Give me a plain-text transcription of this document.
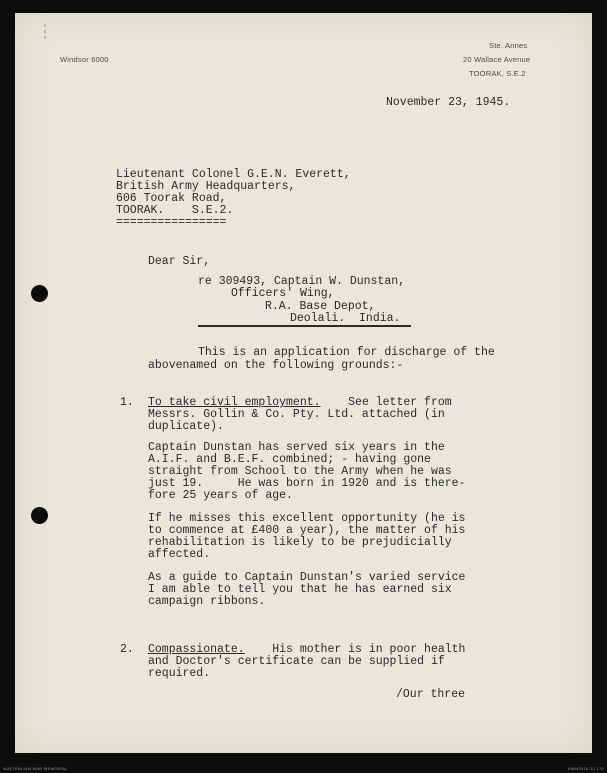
Windsor 6000
Ste. Annes
20 Wallace Avenue
TOORAK, S.E.2
November 23, 1945.
Lieutenant Colonel G.E.N. Everett,
British Army Headquarters,
606 Toorak Road,
TOORAK.    S.E.2.
================
Dear Sir,
re 309493, Captain W. Dunstan,
Officers' Wing,
R.A. Base Depot,
Deolali.  India.
This is an application for discharge of the
abovenamed on the following grounds:-
1. To take civil employment.    See letter from
Messrs. Gollin & Co. Pty. Ltd. attached (in
duplicate).
Captain Dunstan has served six years in the
A.I.F. and B.E.F. combined; - having gone
straight from School to the Army when he was
just 19.     He was born in 1920 and is there-
fore 25 years of age.
If he misses this excellent opportunity (he is
to commence at £400 a year), the matter of his
rehabilitation is likely to be prejudicially
affected.
As a guide to Captain Dunstan's varied service
I am able to tell you that he has earned six
campaign ribbons.
2. Compassionate.    His mother is in poor health
and Doctor's certificate can be supplied if
required.
/Our three
AUSTRALIAN WAR MEMORIAL	AWM2016.22.172
